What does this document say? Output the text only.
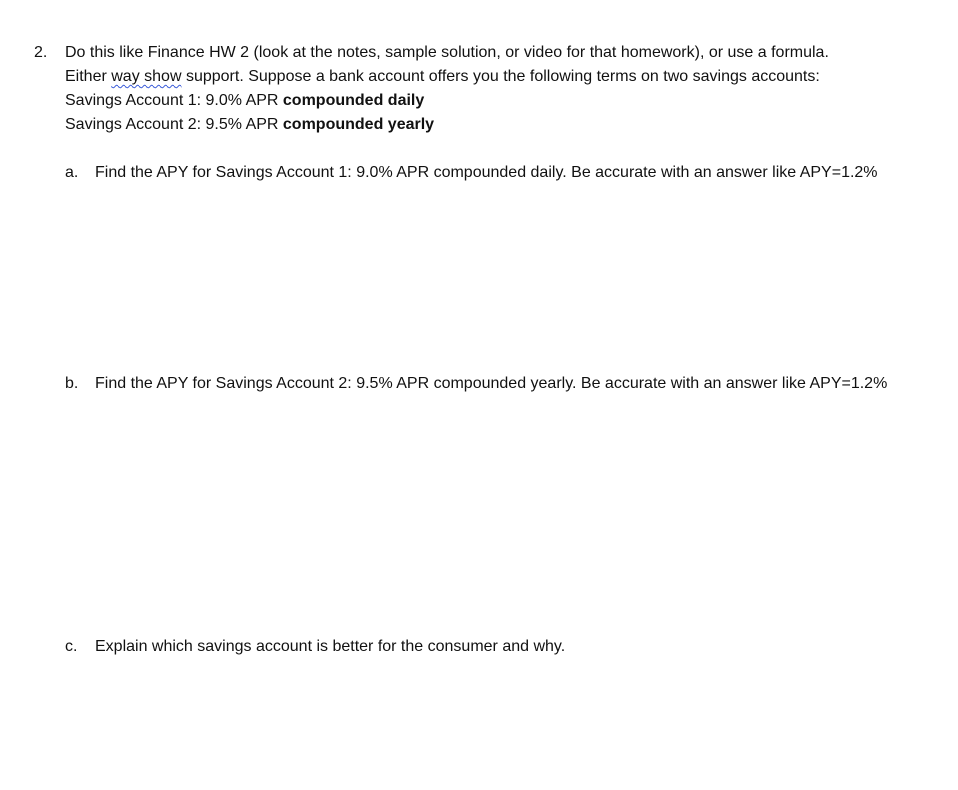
2. Do this like Finance HW 2 (look at the notes, sample solution, or video for that homework), or use a formula.
Either way show support. Suppose a bank account offers you the following terms on two savings accounts:
Savings Account 1: 9.0% APR compounded daily
Savings Account 2: 9.5% APR compounded yearly
a. Find the APY for Savings Account 1: 9.0% APR compounded daily. Be accurate with an answer like APY=1.2%
b. Find the APY for Savings Account 2: 9.5% APR compounded yearly. Be accurate with an answer like APY=1.2%
c. Explain which savings account is better for the consumer and why.
